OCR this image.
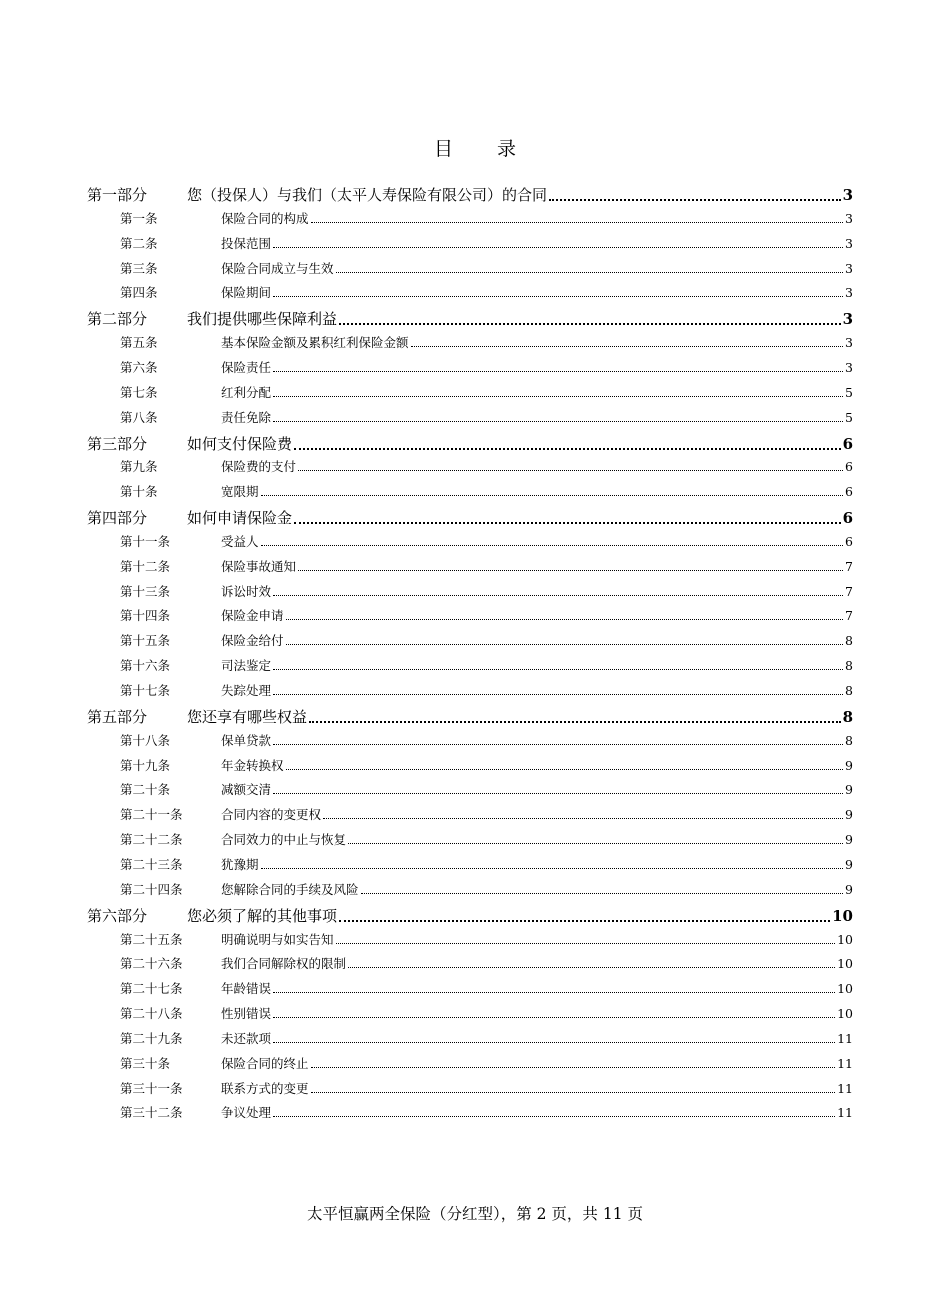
目 录
第一部分	您（投保人）与我们（太平人寿保险有限公司）的合同	3
第一条	保险合同的构成	3
第二条	投保范围	3
第三条	保险合同成立与生效	3
第四条	保险期间	3
第二部分	我们提供哪些保障利益	3
第五条	基本保险金额及累积红利保险金额	3
第六条	保险责任	3
第七条	红利分配	5
第八条	责任免除	5
第三部分	如何支付保险费	6
第九条	保险费的支付	6
第十条	宽限期	6
第四部分	如何申请保险金	6
第十一条	受益人	6
第十二条	保险事故通知	7
第十三条	诉讼时效	7
第十四条	保险金申请	7
第十五条	保险金给付	8
第十六条	司法鉴定	8
第十七条	失踪处理	8
第五部分	您还享有哪些权益	8
第十八条	保单贷款	8
第十九条	年金转换权	9
第二十条	减额交清	9
第二十一条	合同内容的变更权	9
第二十二条	合同效力的中止与恢复	9
第二十三条	犹豫期	9
第二十四条	您解除合同的手续及风险	9
第六部分	您必须了解的其他事项	10
第二十五条	明确说明与如实告知	10
第二十六条	我们合同解除权的限制	10
第二十七条	年龄错误	10
第二十八条	性别错误	10
第二十九条	未还款项	11
第三十条	保险合同的终止	11
第三十一条	联系方式的变更	11
第三十二条	争议处理	11
太平恒赢两全保险（分红型），第 2 页，共 11 页
